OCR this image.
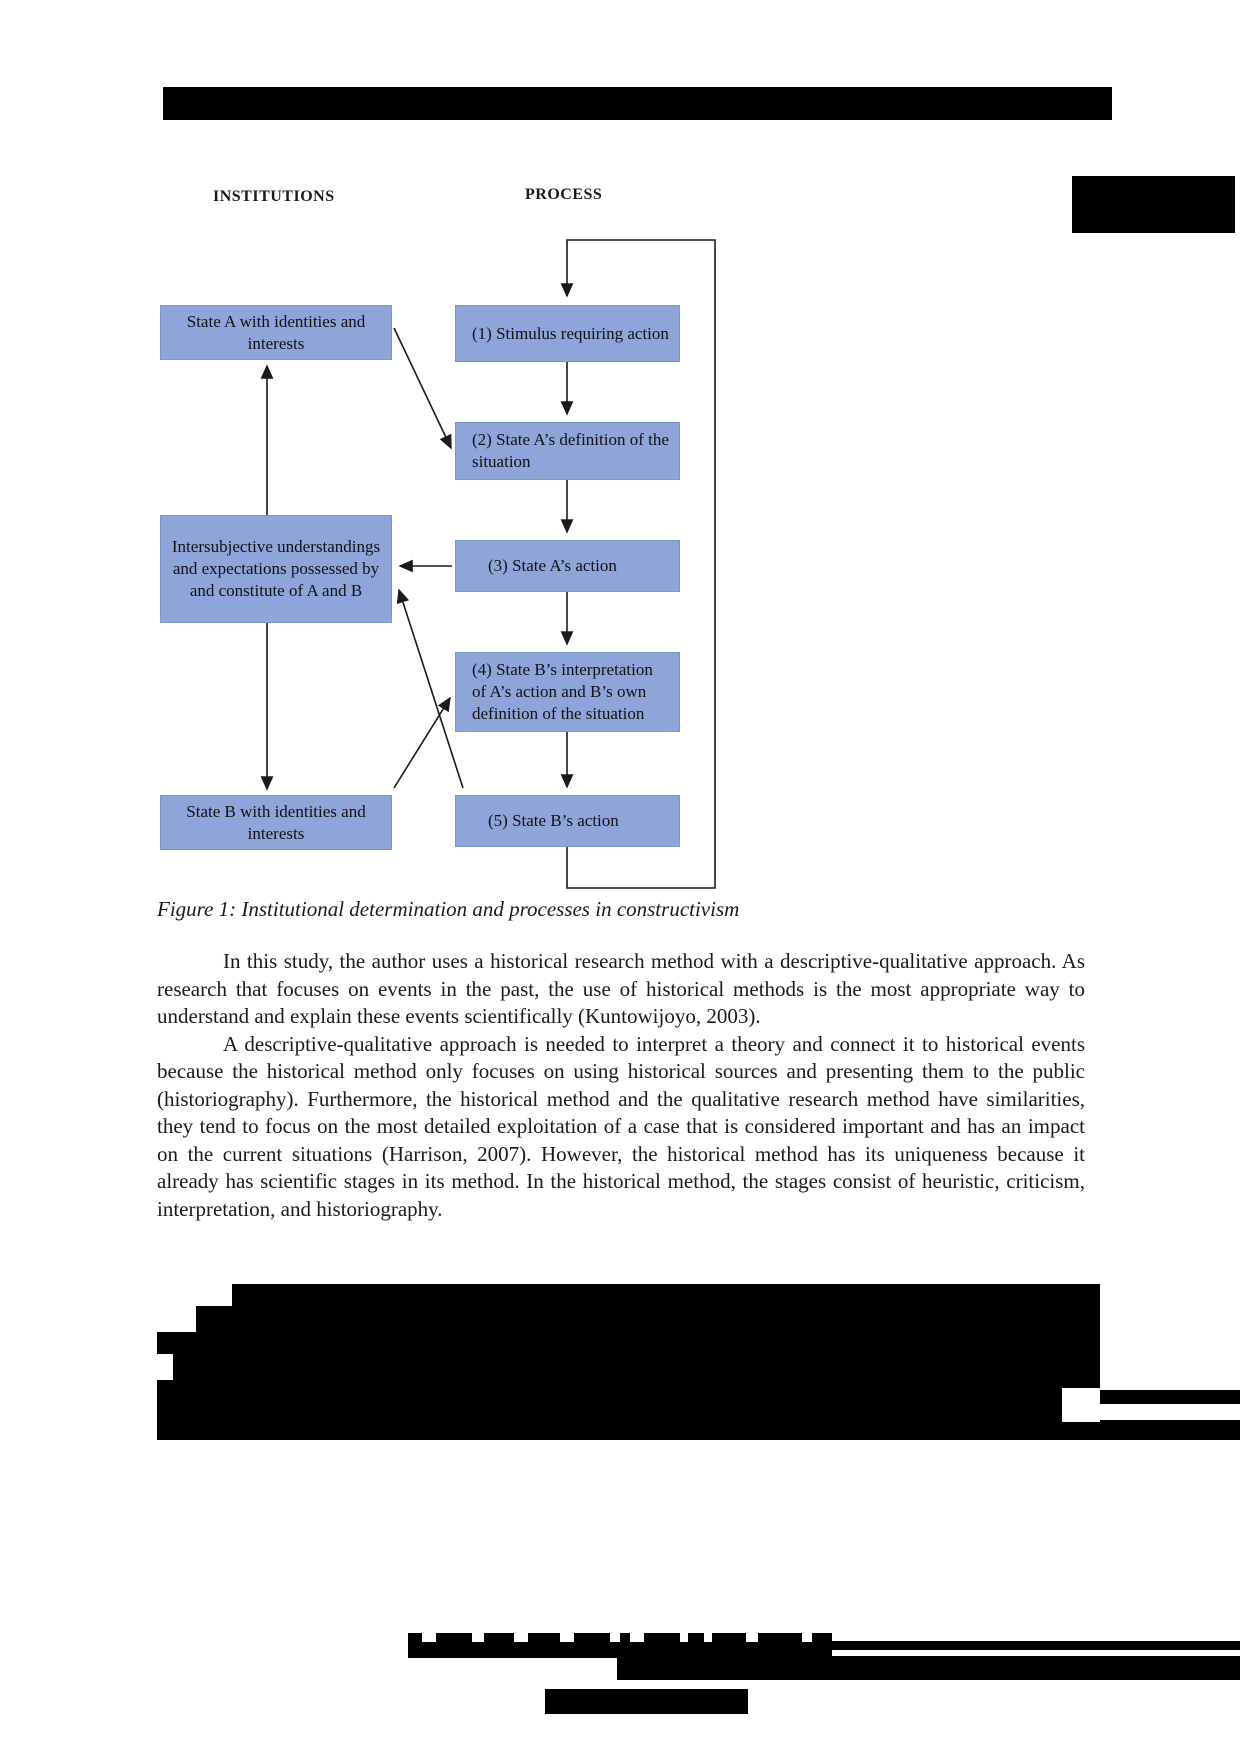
INSTITUTIONS	PROCESS
State A with identities and interests
Intersubjective understandings and expectations possessed by and constitute of A and B
State B with identities and interests
(1) Stimulus requiring action
(2) State A’s definition of the situation
(3) State A’s action
(4) State B’s interpretation of A’s action and B’s own definition of the situation
(5) State B’s action
Figure 1: Institutional determination and processes in constructivism

In this study, the author uses a historical research method with a descriptive-qualitative approach. As research that focuses on events in the past, the use of historical methods is the most appropriate way to understand and explain these events scientifically (Kuntowijoyo, 2003).

A descriptive-qualitative approach is needed to interpret a theory and connect it to historical events because the historical method only focuses on using historical sources and presenting them to the public (historiography). Furthermore, the historical method and the qualitative research method have similarities, they tend to focus on the most detailed exploitation of a case that is considered important and has an impact on the current situations (Harrison, 2007). However, the historical method has its uniqueness because it already has scientific stages in its method. In the historical method, the stages consist of heuristic, criticism, interpretation, and historiography.
